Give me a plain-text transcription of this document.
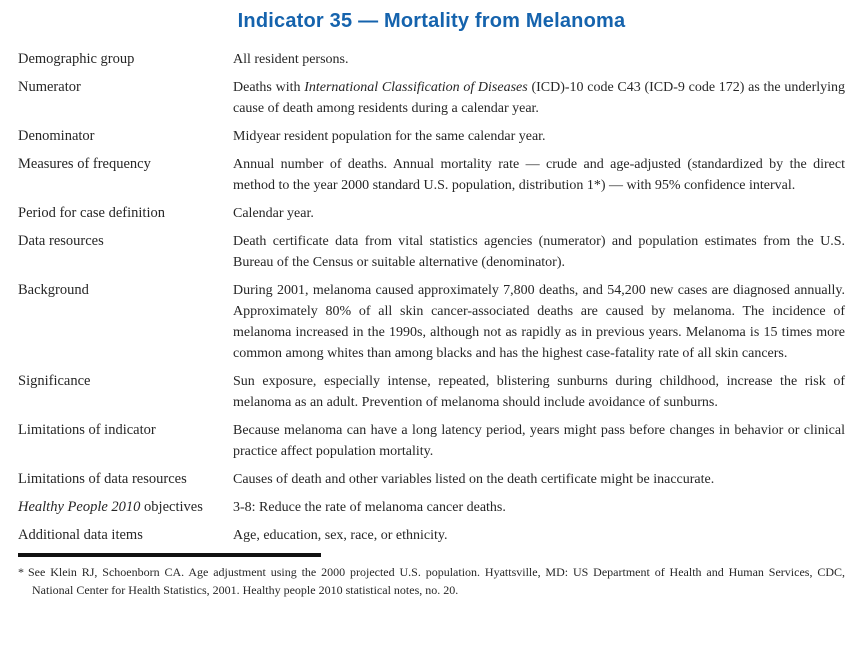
Indicator 35 — Mortality from Melanoma
Demographic group	All resident persons.
Numerator	Deaths with International Classification of Diseases (ICD)-10 code C43 (ICD-9 code 172) as the underlying cause of death among residents during a calendar year.
Denominator	Midyear resident population for the same calendar year.
Measures of frequency	Annual number of deaths. Annual mortality rate — crude and age-adjusted (standardized by the direct method to the year 2000 standard U.S. population, distribution 1*) — with 95% confidence interval.
Period for case definition	Calendar year.
Data resources	Death certificate data from vital statistics agencies (numerator) and population estimates from the U.S. Bureau of the Census or suitable alternative (denominator).
Background	During 2001, melanoma caused approximately 7,800 deaths, and 54,200 new cases are diagnosed annually. Approximately 80% of all skin cancer-associated deaths are caused by melanoma. The incidence of melanoma increased in the 1990s, although not as rapidly as in previous years. Melanoma is 15 times more common among whites than among blacks and has the highest case-fatality rate of all skin cancers.
Significance	Sun exposure, especially intense, repeated, blistering sunburns during childhood, increase the risk of melanoma as an adult. Prevention of melanoma should include avoidance of sunburns.
Limitations of indicator	Because melanoma can have a long latency period, years might pass before changes in behavior or clinical practice affect population mortality.
Limitations of data resources	Causes of death and other variables listed on the death certificate might be inaccurate.
Healthy People 2010 objectives	3-8: Reduce the rate of melanoma cancer deaths.
Additional data items	Age, education, sex, race, or ethnicity.

* See Klein RJ, Schoenborn CA. Age adjustment using the 2000 projected U.S. population. Hyattsville, MD: US Department of Health and Human Services, CDC, National Center for Health Statistics, 2001. Healthy people 2010 statistical notes, no. 20.
